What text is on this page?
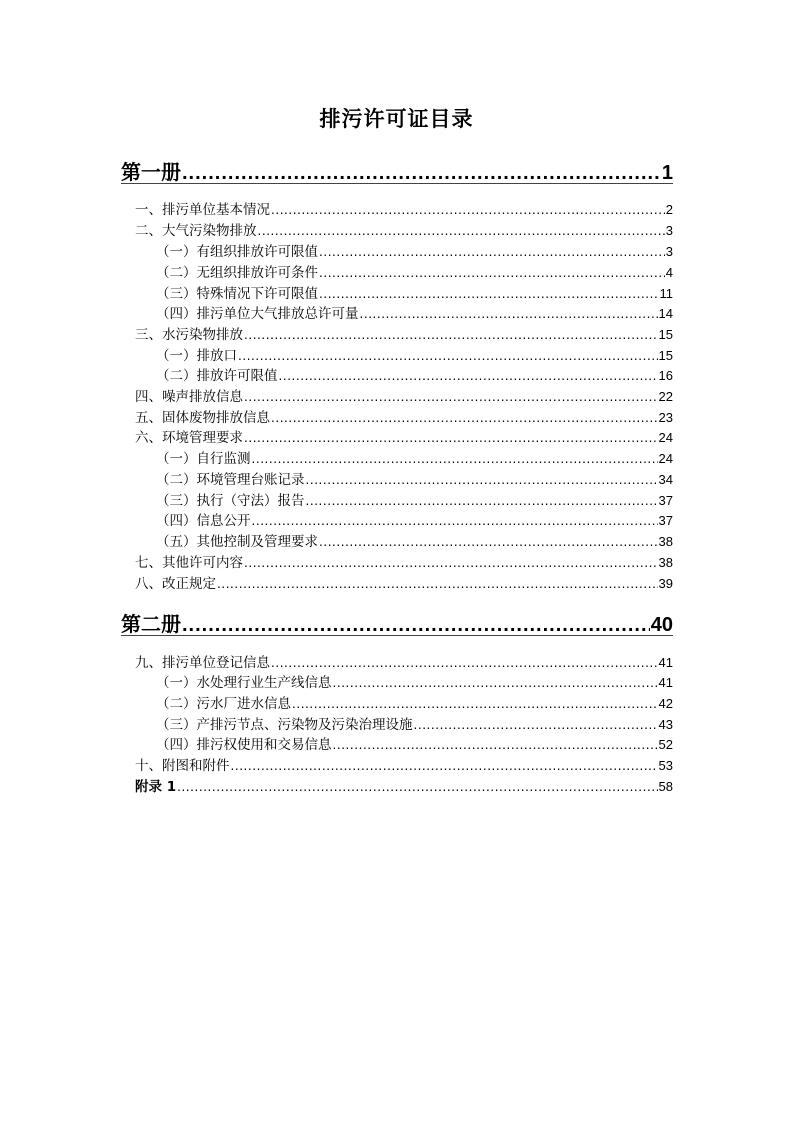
排污许可证目录
第一册 .....	1
一、排污单位基本情况 .....	2
二、大气污染物排放 .....	3
（一）有组织排放许可限值 .....	3
（二）无组织排放许可条件 .....	4
（三）特殊情况下许可限值 .....	11
（四）排污单位大气排放总许可量 .....	14
三、水污染物排放 .....	15
（一）排放口 .....	15
（二）排放许可限值 .....	16
四、噪声排放信息 .....	22
五、固体废物排放信息 .....	23
六、环境管理要求 .....	24
（一）自行监测 .....	24
（二）环境管理台账记录 .....	34
（三）执行（守法）报告 .....	37
（四）信息公开 .....	37
（五）其他控制及管理要求 .....	38
七、其他许可内容 .....	38
八、改正规定 .....	39
第二册 .....	40
九、排污单位登记信息 .....	41
（一）水处理行业生产线信息 .....	41
（二）污水厂进水信息 .....	42
（三）产排污节点、污染物及污染治理设施 .....	43
（四）排污权使用和交易信息 .....	52
十、附图和附件 .....	53
附录 1 .....	58
